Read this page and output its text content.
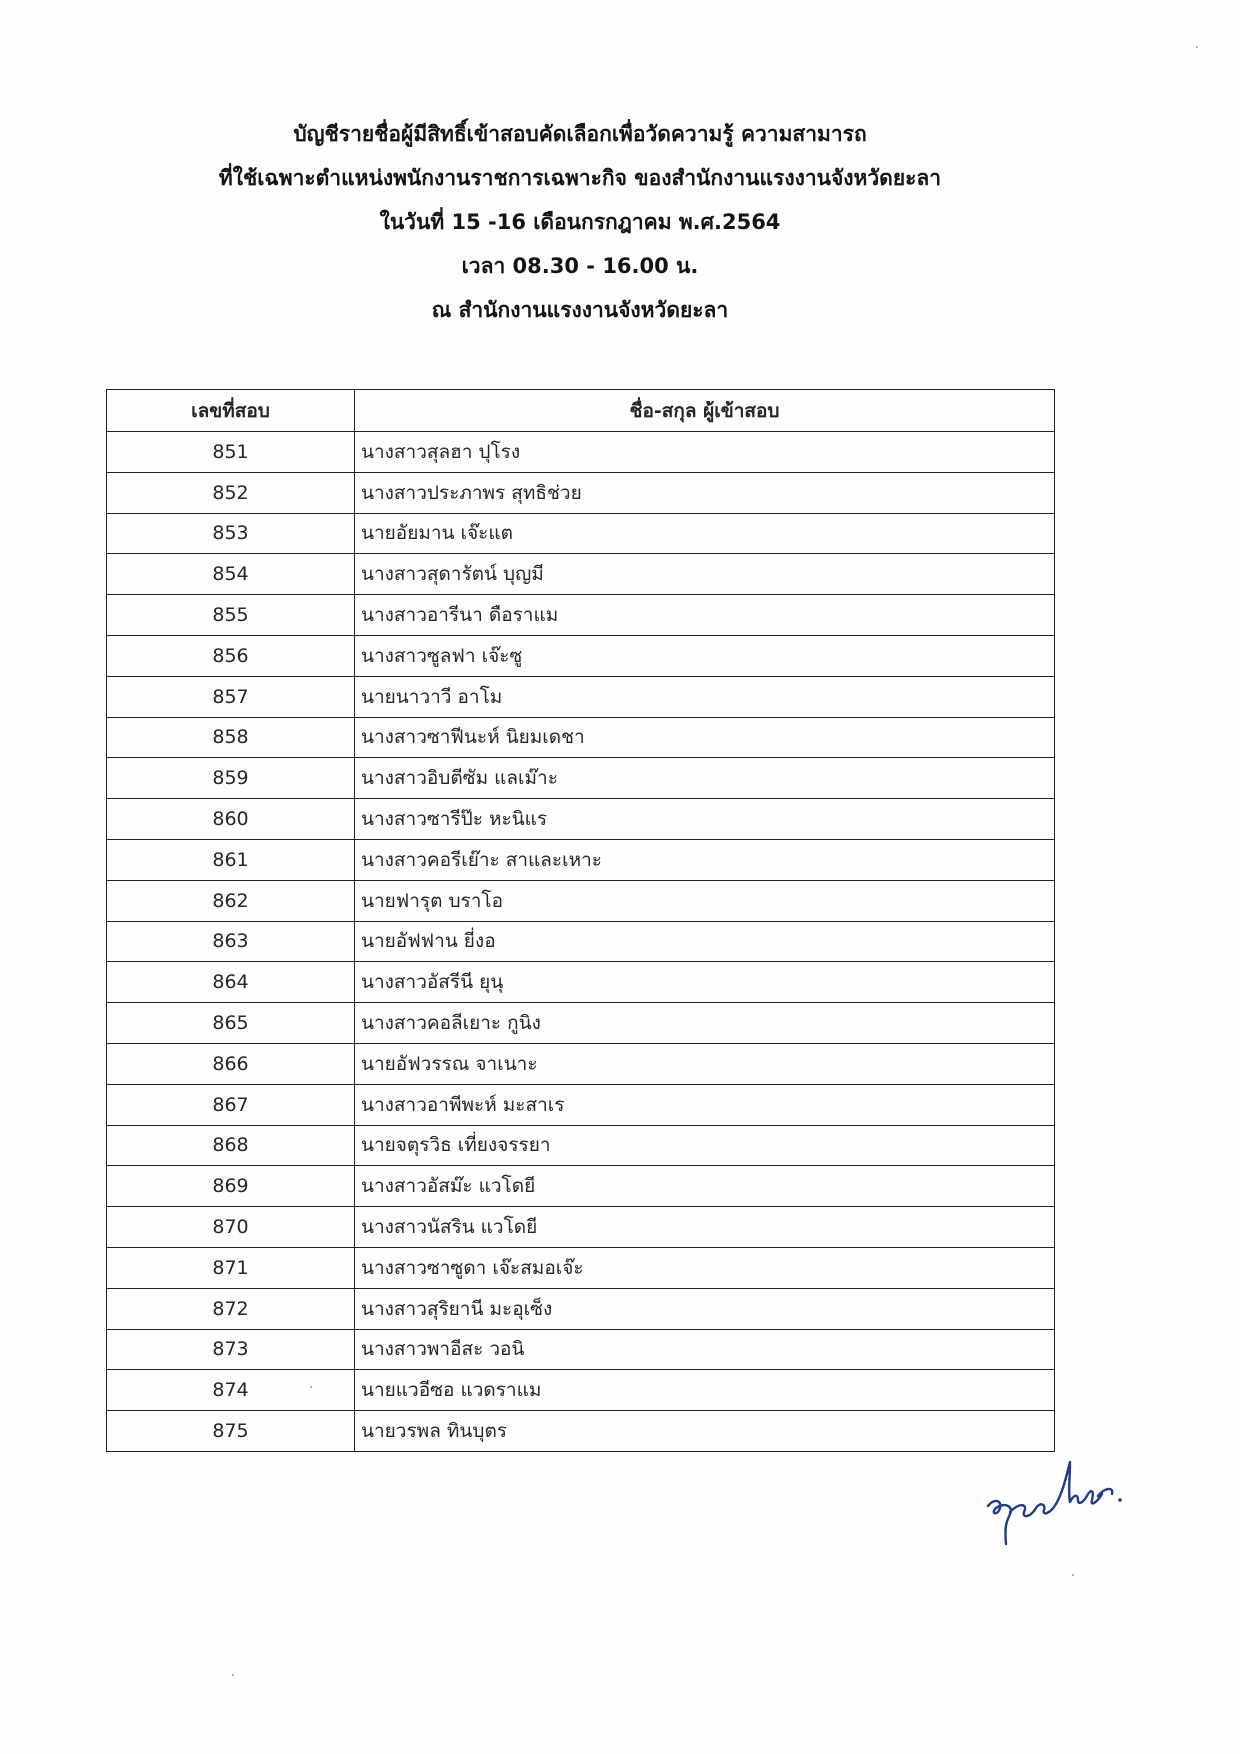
บัญชีรายชื่อผู้มีสิทธิ์เข้าสอบคัดเลือกเพื่อวัดความรู้ ความสามารถ
ที่ใช้เฉพาะตำแหน่งพนักงานราชการเฉพาะกิจ ของสำนักงานแรงงานจังหวัดยะลา
ในวันที่ 15 -16 เดือนกรกฎาคม พ.ศ.2564
เวลา 08.30 - 16.00 น.
ณ สำนักงานแรงงานจังหวัดยะลา
เลขที่สอบ	ชื่อ-สกุล ผู้เข้าสอบ
851	นางสาวสุลฮา ปุโรง
852	นางสาวประภาพร สุทธิช่วย
853	นายอัยมาน เจ๊ะแต
854	นางสาวสุดารัตน์ บุญมี
855	นางสาวอารีนา ดือราแม
856	นางสาวซูลฟา เจ๊ะซู
857	นายนาวาวี อาโม
858	นางสาวซาฟีนะห์ นิยมเดชา
859	นางสาวอิบตีซัม แลเม๊าะ
860	นางสาวซารีป๊ะ หะนิแร
861	นางสาวคอรีเย๊าะ สาและเหาะ
862	นายฟารุต บราโอ
863	นายอัฟฟาน ยี่งอ
864	นางสาวอัสรีนี ยุนุ
865	นางสาวคอลีเยาะ กูนิง
866	นายอัฟวรรณ จาเนาะ
867	นางสาวอาพีพะห์ มะสาเร
868	นายจตุรวิธ เที่ยงจรรยา
869	นางสาวอัสม๊ะ แวโดยี
870	นางสาวนัสริน แวโดยี
871	นางสาวซาซูดา เจ๊ะสมอเจ๊ะ
872	นางสาวสุริยานี มะอุเซ็ง
873	นางสาวพาอีสะ วอนิ
874	นายแวอีซอ แวดราแม
875	นายวรพล ทินบุตร
